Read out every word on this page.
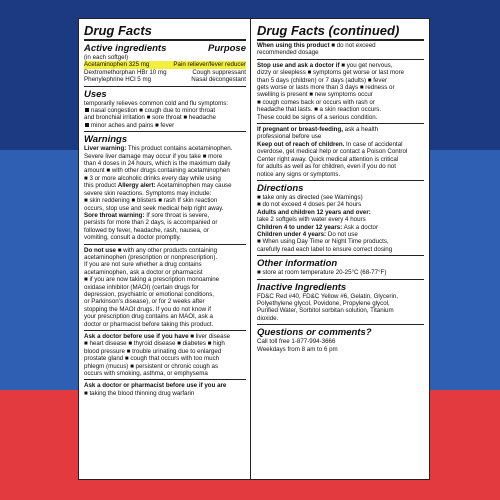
Drug Facts
Active ingredients	Purpose
(in each softgel)
Acetaminophen 325 mg	Pain reliever/fever reducer
Dextromethorphan HBr 10 mg	Cough suppressant
Phenylephrine HCl 5 mg	Nasal decongestant
Uses
temporarily relieves common cold and flu symptoms:
nasal congestion ■ cough due to minor throat
and bronchial irritation ■ sore throat ■ headache
minor aches and pains ■ fever
Warnings
Liver warning: This product contains acetaminophen.
Severe liver damage may occur if you take ■ more
than 4 doses in 24 hours, which is the maximum daily
amount ■ with other drugs containing acetaminophen
■ 3 or more alcoholic drinks every day while using
this product Allergy alert: Acetaminophen may cause
severe skin reactions. Symptoms may include:
■ skin reddening ■ blisters ■ rash If skin reaction
occurs, stop use and seek medical help right away.
Sore throat warning: If sore throat is severe,
persists for more than 2 days, is accompanied or
followed by fever, headache, rash, nausea, or
vomiting, consult a doctor promptly.
Do not use ■ with any other products containing
acetaminophen (prescription or nonprescription).
If you are not sure whether a drug contains
acetaminophen, ask a doctor or pharmacist
■ if you are now taking a prescription monoamine
oxidase inhibitor (MAOI) (certain drugs for
depression, psychiatric or emotional conditions,
or Parkinson’s disease), or for 2 weeks after
stopping the MAOI drugs. If you do not know if
your prescription drug contains an MAOI, ask a
doctor or pharmacist before taking this product.
Ask a doctor before use if you have ■ liver disease
■ heart disease ■ thyroid disease ■ diabetes ■ high
blood pressure ■ trouble urinating due to enlarged
prostate gland ■ cough that occurs with too much
phlegm (mucus) ■ persistent or chronic cough as
occurs with smoking, asthma, or emphysema
Ask a doctor or pharmacist before use if you are
■ taking the blood thinning drug warfarin
Drug Facts (continued)
When using this product ■ do not exceed
recommended dosage
Stop use and ask a doctor if ■ you get nervous,
dizzy or sleepless ■ symptoms get worse or last more
than 5 days (children) or 7 days (adults) ■ fever
gets worse or lasts more than 3 days ■ redness or
swelling is present ■ new symptoms occur
■ cough comes back or occurs with rash or
headache that lasts. ■ a skin reaction occurs.
These could be signs of a serious condition.
If pregnant or breast-feeding, ask a health
professional before use
Keep out of reach of children. In case of accidental
overdose, get medical help or contact a Poison Control
Center right away. Quick medical attention is critical
for adults as well as for children, even if you do not
notice any signs or symptoms.
Directions
■ take only as directed (see Warnings)
■ do not exceed 4 doses per 24 hours
Adults and children 12 years and over:
take 2 softgels with water every 4 hours
Children 4 to under 12 years: Ask a doctor
Children under 4 years: Do not use
■ When using Day Time or Night Time products,
carefully read each label to ensure correct dosing
Other information
■ store at room temperature 20-25°C (68-77°F)
Inactive Ingredients
FD&C Red #40, FD&C Yellow #6, Gelatin, Glycerin,
Polyethylene glycol, Povidone, Propylene glycol,
Purified Water, Sorbitol sorbitan solution, Titanium
dioxide.
Questions or comments?
Call toll free 1-877-994-3666
Weekdays from 8 am to 6 pm
